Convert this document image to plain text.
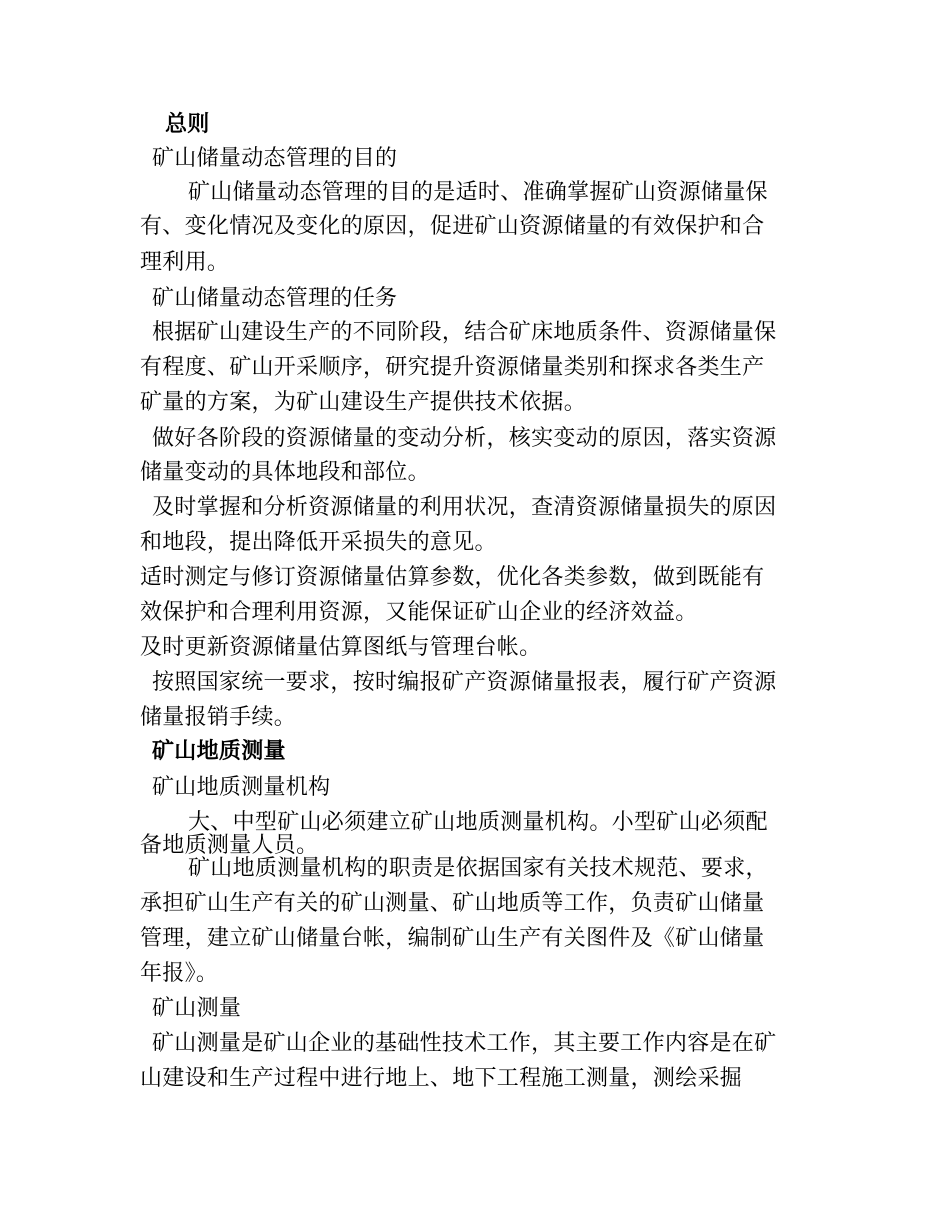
总则
矿山储量动态管理的目的
矿山储量动态管理的目的是适时、准确掌握矿山资源储量保
有、变化情况及变化的原因，促进矿山资源储量的有效保护和合
理利用。
矿山储量动态管理的任务
根据矿山建设生产的不同阶段，结合矿床地质条件、资源储量保
有程度、矿山开采顺序，研究提升资源储量类别和探求各类生产
矿量的方案，为矿山建设生产提供技术依据。
做好各阶段的资源储量的变动分析，核实变动的原因，落实资源
储量变动的具体地段和部位。
及时掌握和分析资源储量的利用状况，查清资源储量损失的原因
和地段，提出降低开采损失的意见。
适时测定与修订资源储量估算参数，优化各类参数，做到既能有
效保护和合理利用资源，又能保证矿山企业的经济效益。
及时更新资源储量估算图纸与管理台帐。
按照国家统一要求，按时编报矿产资源储量报表，履行矿产资源
储量报销手续。
矿山地质测量
矿山地质测量机构
大、中型矿山必须建立矿山地质测量机构。小型矿山必须配
备地质测量人员。
矿山地质测量机构的职责是依据国家有关技术规范、要求，
承担矿山生产有关的矿山测量、矿山地质等工作，负责矿山储量
管理，建立矿山储量台帐，编制矿山生产有关图件及《矿山储量
年报》。
矿山测量
矿山测量是矿山企业的基础性技术工作，其主要工作内容是在矿
山建设和生产过程中进行地上、地下工程施工测量，测绘采掘
